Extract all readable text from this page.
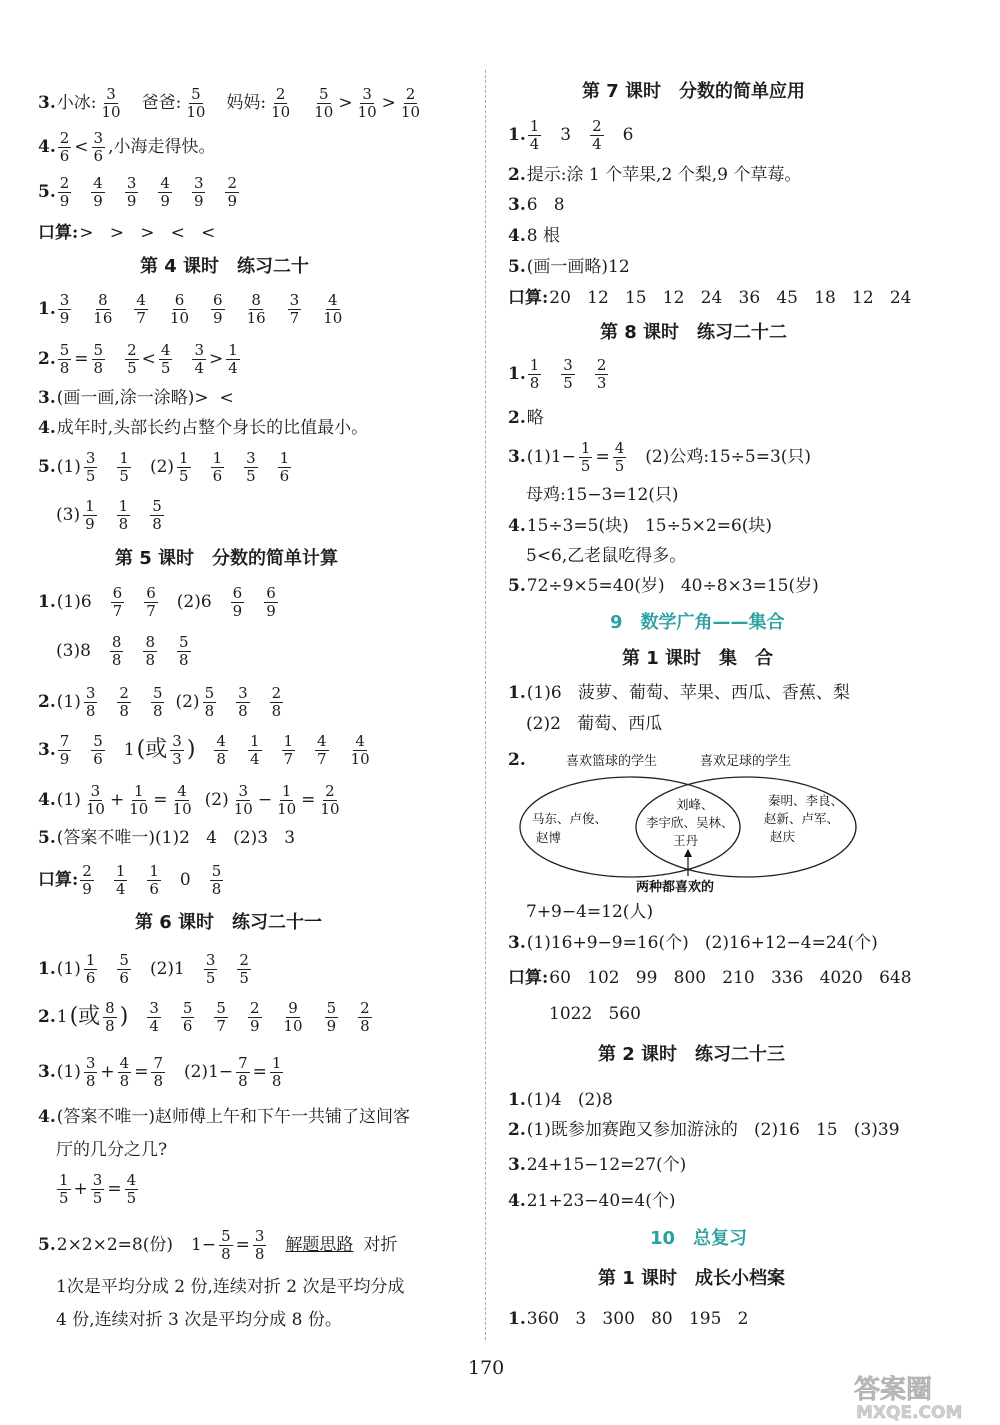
3. 小冰: $\frac{3}{10}$ 爸爸: $\frac{5}{10}$ 妈妈: $\frac{2}{10} \frac{5}{10} > \frac{3}{10} > \frac{2}{10}$
4. $\frac{2}{6} < \frac{3}{6}$ ,小海走得快。
5. $\frac{2}{9} \frac{4}{9} \frac{3}{9} \frac{4}{9} \frac{3}{9} \frac{2}{9}$
口算: >   >   >   <   <
第 4 课时　练习二十
1. $\frac{3}{9} \frac{8}{16} \frac{4}{7} \frac{6}{10} \frac{6}{9} \frac{8}{16} \frac{3}{7} \frac{4}{10}$
2. $\frac{5}{8} = \frac{5}{8} \frac{2}{5} < \frac{4}{5} \frac{3}{4} > \frac{1}{4}$
3. (画一画,涂一涂略)>  <
4. 成年时,头部长约占整个身长的比值最小。
5. $(1) \frac{3}{5} \frac{1}{5} (2) \frac{1}{5} \frac{1}{6} \frac{3}{5} \frac{1}{6}$
$(3) \frac{1}{9} \frac{1}{8} \frac{5}{8}$
第 5 课时　分数的简单计算
1. $(1)6 \frac{6}{7} \frac{6}{7} (2)6 \frac{6}{9} \frac{6}{9}$
$(3)8 \frac{8}{8} \frac{8}{8} \frac{5}{8}$
2. $(1) \frac{3}{8} \frac{2}{8} \frac{5}{8} (2) \frac{5}{8} \frac{3}{8} \frac{2}{8}$
3. $\frac{7}{9} \frac{5}{6} 1$ (或 $\frac{3}{3}$ ) $\frac{4}{8} \frac{1}{4} \frac{1}{7} \frac{4}{7} \frac{4}{10}$
4. $(1) \frac{3}{10} + \frac{1}{10} = \frac{4}{10} (2) \frac{3}{10} - \frac{1}{10} = \frac{2}{10}$
5. (答案不唯一)(1)2   4   (2)3   3
口算: $\frac{2}{9} \frac{1}{4} \frac{1}{6} 0 \frac{5}{8}$
第 6 课时　练习二十一
1. $(1) \frac{1}{6} \frac{5}{6} (2)1 \frac{3}{5} \frac{2}{5}$
2. 1 (或 $\frac{8}{8}$ ) $\frac{3}{4} \frac{5}{6} \frac{5}{7} \frac{2}{9} \frac{9}{10} \frac{5}{9} \frac{2}{8}$
3. $(1) \frac{3}{8} + \frac{4}{8} = \frac{7}{8} (2)1- \frac{7}{8} = \frac{1}{8}$
4. (答案不唯一)赵师傅上午和下午一共铺了这间客
厅的几分之几?
$\frac{1}{5} + \frac{3}{5} = \frac{4}{5}$
5. 2×2×2=8(份) $1- \frac{5}{8} = \frac{3}{8}$ 解题思路 对折
1次是平均分成 2 份,连续对折 2 次是平均分成
4 份,连续对折 3 次是平均分成 8 份。
第 7 课时　分数的简单应用
1. $\frac{1}{4} 3 \frac{2}{4} 6$
2. 提示:涂 1 个苹果,2 个梨,9 个草莓。
3. 6   8
4. 8 根
5. (画一画略)12
口算: 20   12   15   12   24   36   45   18   12   24
第 8 课时　练习二十二
1. $\frac{1}{8} \frac{3}{5} \frac{2}{3}$
2. 略
3. $(1)1- \frac{1}{5} = \frac{4}{5} (2)$公鸡:15÷5=3(只)
母鸡:15−3=12(只)
4. 15÷3=5(块)   15÷5×2=6(块)
5<6,乙老鼠吃得多。
5. 72÷9×5=40(岁)   40÷8×3=15(岁)
9　数学广角——集合
第 1 课时　集　合
1. (1)6   菠萝、葡萄、苹果、西瓜、香蕉、梨
(2)2   葡萄、西瓜
2.	喜欢篮球的学生	喜欢足球的学生
马东、卢俊、
赵博
刘峰、
李宇欣、吴林、
王丹
秦明、李良、
赵新、卢军、
赵庆
两种都喜欢的
7+9−4=12(人)
3. (1)16+9−9=16(个)   (2)16+12−4=24(个)
口算: 60   102   99   800   210   336   4020   648
1022   560
第 2 课时　练习二十三
1. (1)4   (2)8
2. (1)既参加赛跑又参加游泳的   (2)16   15   (3)39
3. 24+15−12=27(个)
4. 21+23−40=4(个)
10　总复习
第 1 课时　成长小档案
1. 360   3   300   80   195   2
170
答案圈
MXQE.COM
